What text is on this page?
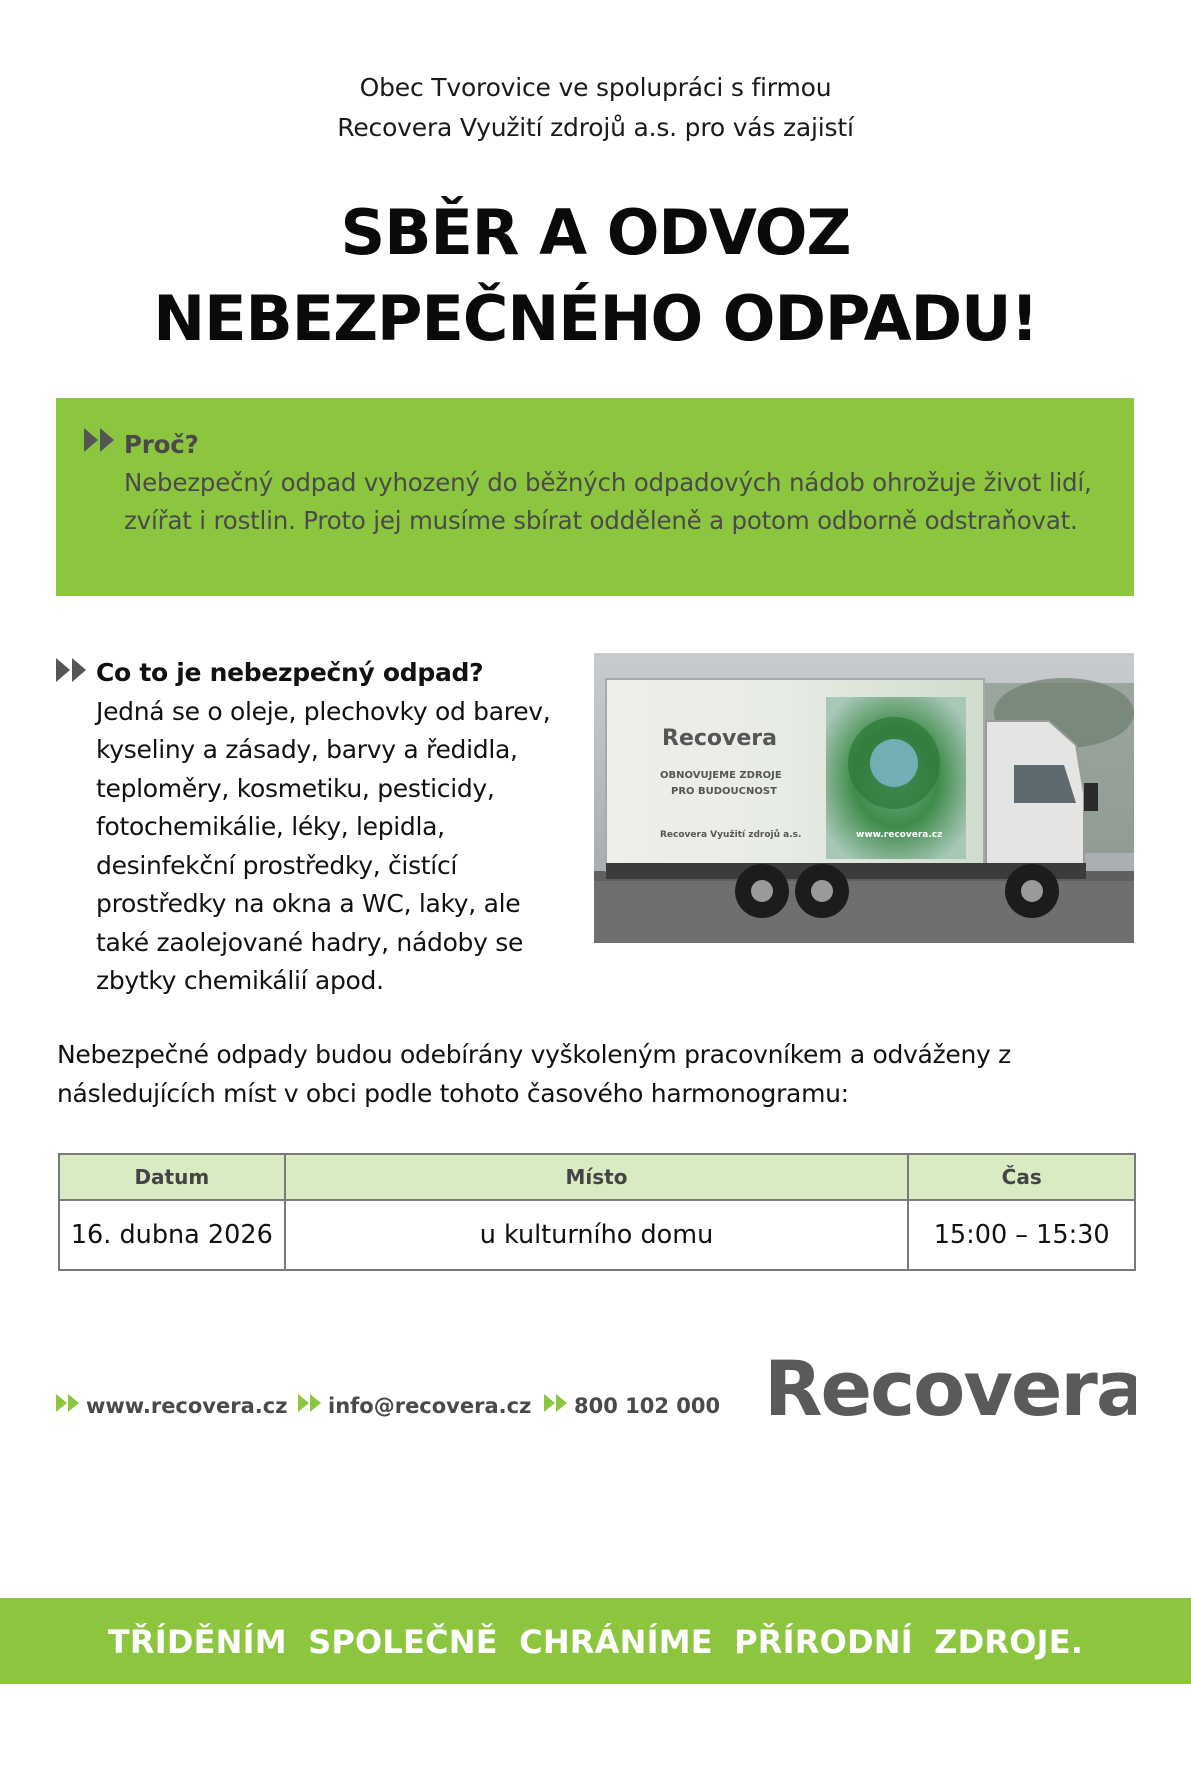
Obec Tvorovice ve spolupráci s firmou
Recovera Využití zdrojů a.s. pro vás zajistí
SBĚR A ODVOZ
NEBEZPEČNÉHO ODPADU!
Proč?
Nebezpečný odpad vyhozený do běžných odpadových nádob ohrožuje život lidí, zvířat i rostlin. Proto jej musíme sbírat odděleně a potom odborně odstraňovat.
Co to je nebezpečný odpad?
Jedná se o oleje, plechovky od barev, kyseliny a zásady, barvy a ředidla, teploměry, kosmetiku, pesticidy, fotochemikálie, léky, lepidla, desinfekční prostředky, čistící prostředky na okna a WC, laky, ale také zaolejované hadry, nádoby se zbytky chemikálií apod.
Recovera
OBNOVUJEME ZDROJE
PRO BUDOUCNOST
Recovera Využití zdrojů a.s.	www.recovera.cz
Nebezpečné odpady budou odebírány vyškoleným pracovníkem a odváženy z následujících míst v obci podle tohoto časového harmonogramu:
Datum	Místo	Čas
16. dubna 2026	u kulturního domu	15:00 – 15:30
www.recovera.cz	info@recovera.cz	800 102 000 Recovera
TŘÍDĚNÍM SPOLEČNĚ CHRÁNÍME PŘÍRODNÍ ZDROJE. DĚKUJEME.
